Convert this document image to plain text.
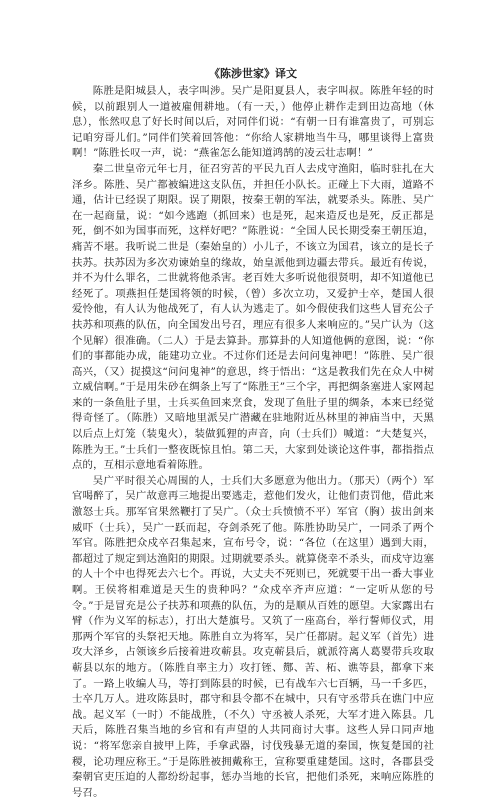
《陈涉世家》译文

陈胜是阳城县人，表字叫涉。吴广是阳夏县人，表字叫叔。陈胜年轻的时候，以前跟别人一道被雇佣耕地。（有一天，）他停止耕作走到田边高地（休息），怅然叹息了好长时间以后，对同伴们说：“有朝一日有谁富贵了，可别忘记咱穷哥儿们。”同伴们笑着回答他：“你给人家耕地当牛马，哪里谈得上富贵啊！”陈胜长叹一声，说：“燕雀怎么能知道鸿鹄的凌云壮志啊！”

秦二世皇帝元年七月，征召穷苦的平民九百人去戍守渔阳，临时驻扎在大泽乡。陈胜、吴广都被编进这支队伍，并担任小队长。正碰上下大雨，道路不通，估计已经误了期限。误了期限，按秦王朝的军法，就要杀头。陈胜、吴广在一起商量，说：“如今逃跑（抓回来）也是死，起来造反也是死，反正都是死，倒不如为国事而死，这样好吧？”陈胜说：“全国人民长期受秦王朝压迫，痛苦不堪。我听说二世是（秦始皇的）小儿子，不该立为国君，该立的是长子扶苏。扶苏因为多次劝谏始皇的缘故，始皇派他到边疆去带兵。最近有传说，并不为什么罪名，二世就将他杀害。老百姓大多听说他很贤明，却不知道他已经死了。项燕担任楚国将领的时候，（曾）多次立功，又爱护士卒，楚国人很爱怜他，有人认为他战死了，有人认为逃走了。如今假使我们这些人冒充公子扶苏和项燕的队伍，向全国发出号召，理应有很多人来响应的。”吴广认为（这个见解）很准确。（二人）于是去算卦。那算卦的人知道他俩的意图，说：“你们的事都能办成，能建功立业。不过你们还是去问问鬼神吧！”陈胜、吴广很高兴，（又）捉摸这“问问鬼神”的意思，终于悟出：“这是教我们先在众人中树立威信啊。”于是用朱砂在绸条上写了“陈胜王”三个字，再把绸条塞进人家网起来的一条鱼肚子里，士兵买鱼回来烹食，发现了鱼肚子里的绸条，本来已经觉得奇怪了。（陈胜）又暗地里派吴广潜藏在驻地附近丛林里的神庙当中，天黑以后点上灯笼（装鬼火），装做狐狸的声音，向（士兵们）喊道：“大楚复兴，陈胜为王。”士兵们一整夜既惊且怕。第二天，大家到处谈论这件事，都指指点点的，互相示意地看着陈胜。

吴广平时很关心周围的人，士兵们大多愿意为他出力。（那天）（两个）军官喝醉了，吴广故意再三地提出要逃走，惹他们发火，让他们责罚他，借此来激怒士兵。那军官果然鞭打了吴广。（众士兵愤愤不平）军官（胸）拔出剑来威吓（士兵），吴广一跃而起，夺剑杀死了他。陈胜协助吴广，一同杀了两个军官。陈胜把众戍卒召集起来，宣布号令，说：“各位（在这里）遇到大雨，都超过了规定到达渔阳的期限。过期就要杀头。就算侥幸不杀头，而戍守边塞的人十个中也得死去六七个。再说，大丈夫不死则已，死就要干出一番大事业啊。王侯将相难道是天生的贵种吗？”众戍卒齐声应道：“一定听从您的号令。”于是冒充是公子扶苏和项燕的队伍，为的是顺从百姓的愿望。大家露出右臂（作为义军的标志），打出大楚旗号。又筑了一座高台，举行誓师仪式，用那两个军官的头祭祀天地。陈胜自立为将军，吴广任都尉。起义军（首先）进攻大泽乡，占领该乡后接着进攻蕲县。攻克蕲县后，就派符离人葛婴带兵攻取蕲县以东的地方。（陈胜自率主力）攻打铚、酂、苦、柘、谯等县，都拿下来了。一路上收编人马，等打到陈县的时候，已有战车六七百辆，马一千多匹，士卒几万人。进攻陈县时，郡守和县令都不在城中，只有守丞带兵在谯门中应战。起义军（一时）不能战胜，（不久）守丞被人杀死，大军才进入陈县。几天后，陈胜召集当地的乡官和有声望的人共同商讨大事。这些人异口同声地说：“将军您亲自披甲上阵，手拿武器，讨伐残暴无道的秦国，恢复楚国的社稷，论功理应称王。”于是陈胜被拥戴称王，宣称要重建楚国。这时，各郡县受秦朝官吏压迫的人都纷纷起事，惩办当地的长官，把他们杀死，来响应陈胜的号召。
